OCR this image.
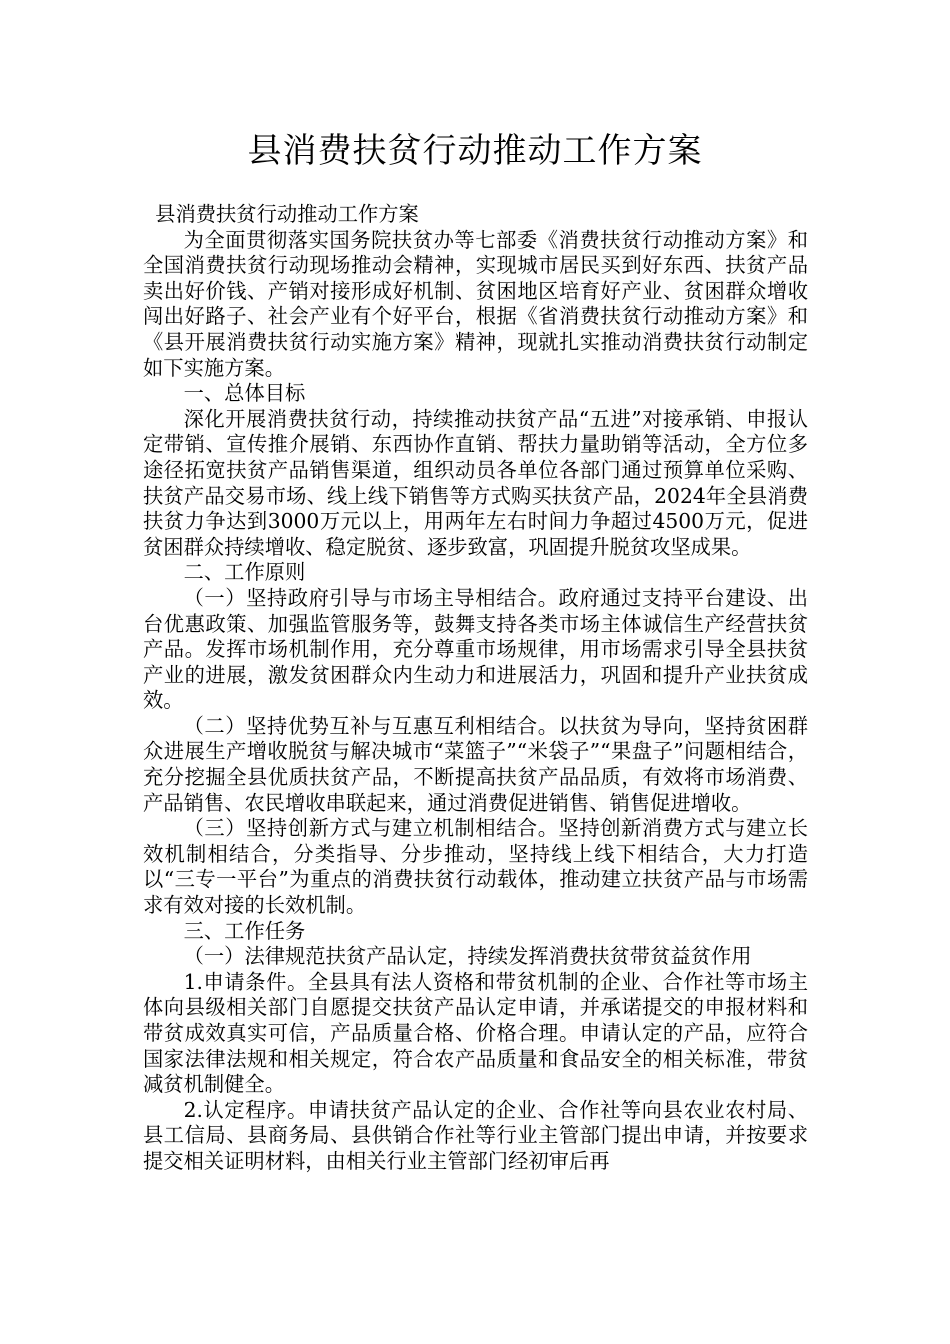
县消费扶贫行动推动工作方案

县消费扶贫行动推动工作方案

为全面贯彻落实国务院扶贫办等七部委《消费扶贫行动推动方案》和全国消费扶贫行动现场推动会精神，实现城市居民买到好东西、扶贫产品卖出好价钱、产销对接形成好机制、贫困地区培育好产业、贫困群众增收闯出好路子、社会产业有个好平台，根据《省消费扶贫行动推动方案》和《县开展消费扶贫行动实施方案》精神，现就扎实推动消费扶贫行动制定如下实施方案。

一、总体目标

深化开展消费扶贫行动，持续推动扶贫产品“五进”对接承销、申报认定带销、宣传推介展销、东西协作直销、帮扶力量助销等活动，全方位多途径拓宽扶贫产品销售渠道，组织动员各单位各部门通过预算单位采购、扶贫产品交易市场、线上线下销售等方式购买扶贫产品，2024年全县消费扶贫力争达到3000万元以上，用两年左右时间力争超过4500万元，促进贫困群众持续增收、稳定脱贫、逐步致富，巩固提升脱贫攻坚成果。

二、工作原则

（一）坚持政府引导与市场主导相结合。政府通过支持平台建设、出台优惠政策、加强监管服务等，鼓舞支持各类市场主体诚信生产经营扶贫产品。发挥市场机制作用，充分尊重市场规律，用市场需求引导全县扶贫产业的进展，激发贫困群众内生动力和进展活力，巩固和提升产业扶贫成效。

（二）坚持优势互补与互惠互利相结合。以扶贫为导向，坚持贫困群众进展生产增收脱贫与解决城市“菜篮子”“米袋子”“果盘子”问题相结合，充分挖掘全县优质扶贫产品，不断提高扶贫产品品质，有效将市场消费、产品销售、农民增收串联起来，通过消费促进销售、销售促进增收。

（三）坚持创新方式与建立机制相结合。坚持创新消费方式与建立长效机制相结合，分类指导、分步推动，坚持线上线下相结合，大力打造以“三专一平台”为重点的消费扶贫行动载体，推动建立扶贫产品与市场需求有效对接的长效机制。

三、工作任务

（一）法律规范扶贫产品认定，持续发挥消费扶贫带贫益贫作用

1.申请条件。全县具有法人资格和带贫机制的企业、合作社等市场主体向县级相关部门自愿提交扶贫产品认定申请，并承诺提交的申报材料和带贫成效真实可信，产品质量合格、价格合理。申请认定的产品，应符合国家法律法规和相关规定，符合农产品质量和食品安全的相关标准，带贫减贫机制健全。

2.认定程序。申请扶贫产品认定的企业、合作社等向县农业农村局、县工信局、县商务局、县供销合作社等行业主管部门提出申请，并按要求提交相关证明材料，由相关行业主管部门经初审后再
